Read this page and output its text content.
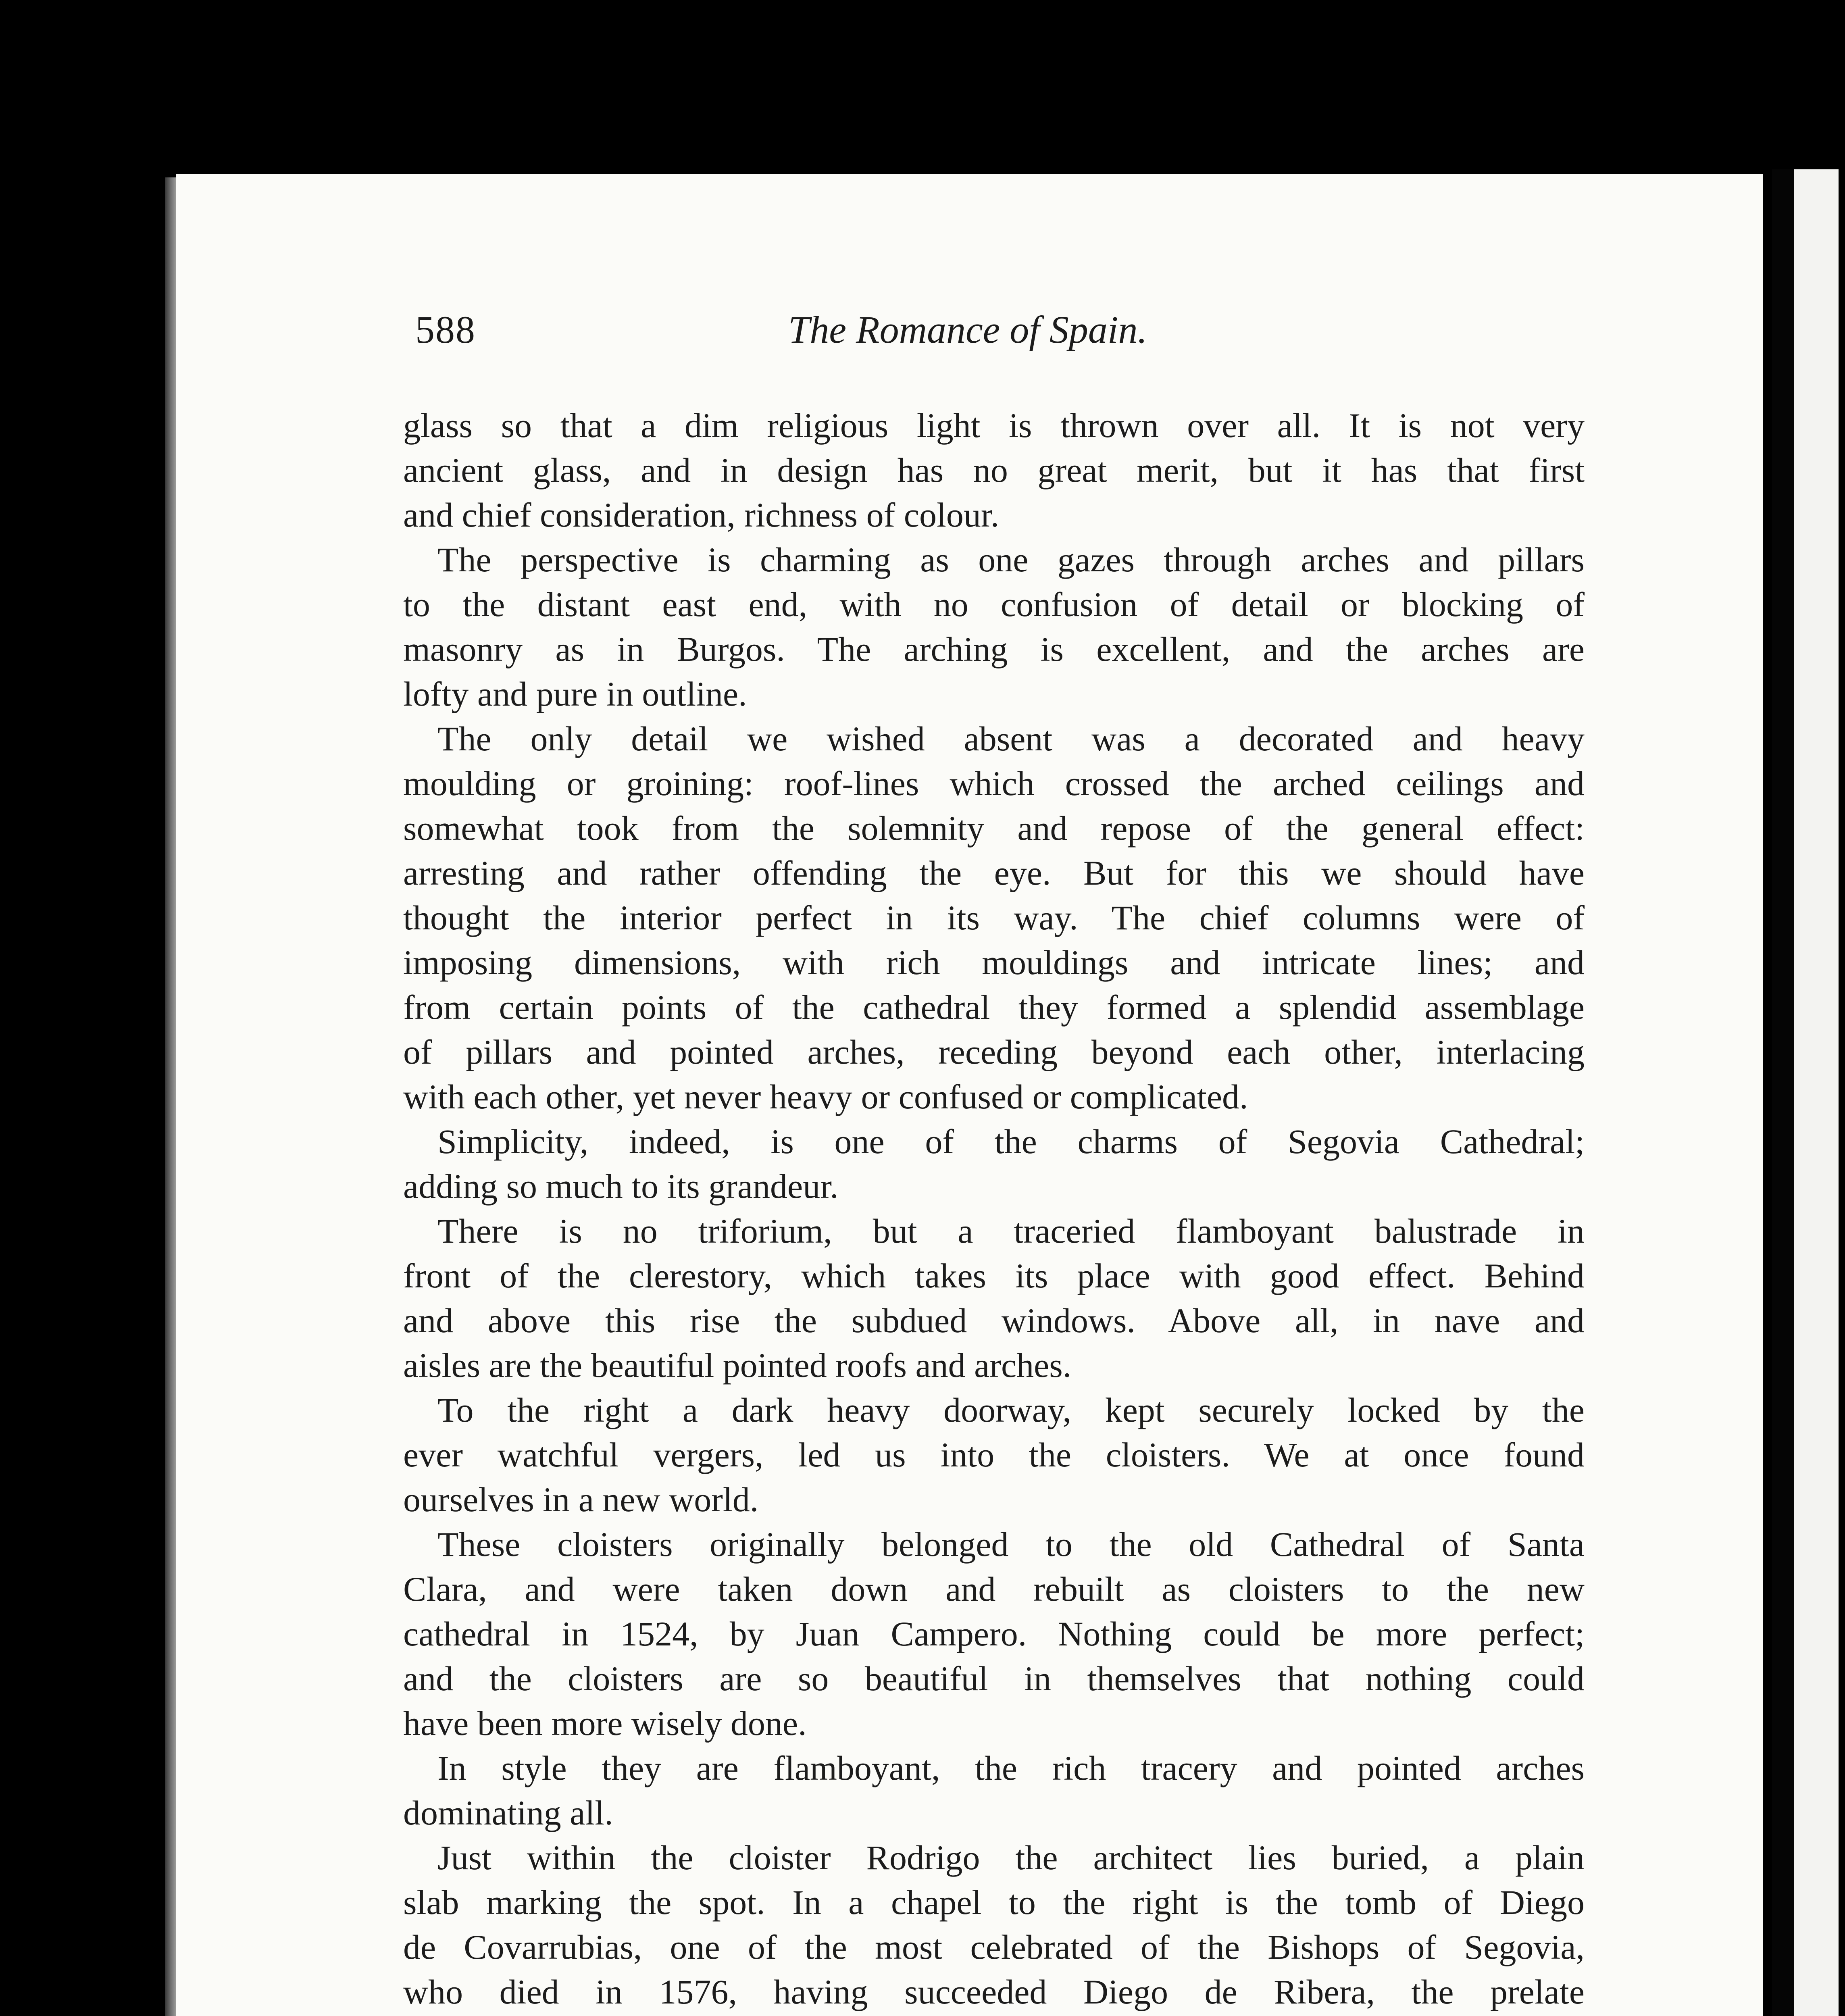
588	The Romance of Spain.
glass so that a dim religious light is thrown over all. It is not very
ancient glass, and in design has no great merit, but it has that first
and chief consideration, richness of colour.
The perspective is charming as one gazes through arches and pillars
to the distant east end, with no confusion of detail or blocking of
masonry as in Burgos. The arching is excellent, and the arches are
lofty and pure in outline.
The only detail we wished absent was a decorated and heavy
moulding or groining: roof-lines which crossed the arched ceilings and
somewhat took from the solemnity and repose of the general effect:
arresting and rather offending the eye. But for this we should have
thought the interior perfect in its way. The chief columns were of
imposing dimensions, with rich mouldings and intricate lines; and
from certain points of the cathedral they formed a splendid assemblage
of pillars and pointed arches, receding beyond each other, interlacing
with each other, yet never heavy or confused or complicated.
Simplicity, indeed, is one of the charms of Segovia Cathedral;
adding so much to its grandeur.
There is no triforium, but a traceried flamboyant balustrade in
front of the clerestory, which takes its place with good effect. Behind
and above this rise the subdued windows. Above all, in nave and
aisles are the beautiful pointed roofs and arches.
To the right a dark heavy doorway, kept securely locked by the
ever watchful vergers, led us into the cloisters. We at once found
ourselves in a new world.
These cloisters originally belonged to the old Cathedral of Santa
Clara, and were taken down and rebuilt as cloisters to the new
cathedral in 1524, by Juan Campero. Nothing could be more perfect;
and the cloisters are so beautiful in themselves that nothing could
have been more wisely done.
In style they are flamboyant, the rich tracery and pointed arches
dominating all.
Just within the cloister Rodrigo the architect lies buried, a plain
slab marking the spot. In a chapel to the right is the tomb of Diego
de Covarrubias, one of the most celebrated of the Bishops of Segovia,
who died in 1576, having succeeded Diego de Ribera, the prelate
